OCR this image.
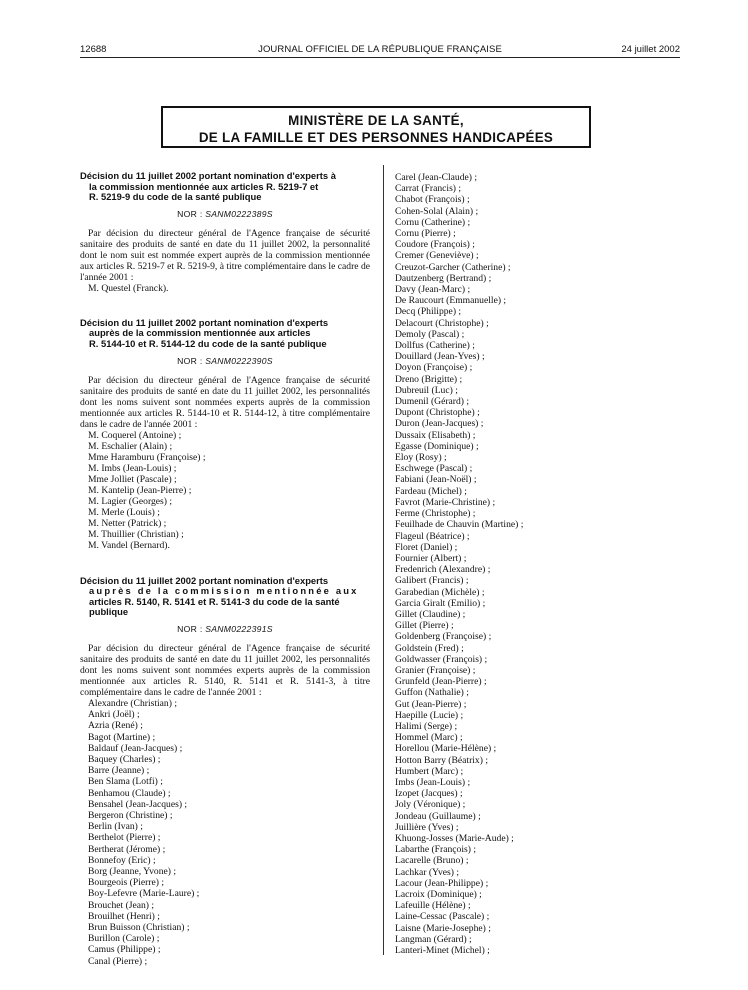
12688	JOURNAL OFFICIEL DE LA RÉPUBLIQUE FRANÇAISE	24 juillet 2002
MINISTÈRE DE LA SANTÉ,
DE LA FAMILLE ET DES PERSONNES HANDICAPÉES

Décision du 11 juillet 2002 portant nomination d'experts à
la commission mentionnée aux articles R. 5219-7 et
R. 5219-9 du code de la santé publique

NOR : SANM0222389S

Par décision du directeur général de l'Agence française de sécurité sanitaire des produits de santé en date du 11 juillet 2002, la personnalité dont le nom suit est nommée expert auprès de la commission mentionnée aux articles R. 5219-7 et R. 5219-9, à titre complémentaire dans le cadre de l'année 2001 :

M. Questel (Franck).

Décision du 11 juillet 2002 portant nomination d'experts
auprès de la commission mentionnée aux articles
R. 5144-10 et R. 5144-12 du code de la santé publique

NOR : SANM0222390S

Par décision du directeur général de l'Agence française de sécurité sanitaire des produits de santé en date du 11 juillet 2002, les personnalités dont les noms suivent sont nommées experts auprès de la commission mentionnée aux articles R. 5144-10 et R. 5144-12, à titre complémentaire dans le cadre de l'année 2001 :

M. Coquerel (Antoine) ;
M. Eschalier (Alain) ;
Mme Haramburu (Françoise) ;
M. Imbs (Jean-Louis) ;
Mme Jolliet (Pascale) ;
M. Kantelip (Jean-Pierre) ;
M. Lagier (Georges) ;
M. Merle (Louis) ;
M. Netter (Patrick) ;
M. Thuillier (Christian) ;
M. Vandel (Bernard).

Décision du 11 juillet 2002 portant nomination d'experts
auprès de la commission mentionnée aux
articles R. 5140, R. 5141 et R. 5141-3 du code de la santé
publique

NOR : SANM0222391S

Par décision du directeur général de l'Agence française de sécurité sanitaire des produits de santé en date du 11 juillet 2002, les personnalités dont les noms suivent sont nommées experts auprès de la commission mentionnée aux articles R. 5140, R. 5141 et R. 5141-3, à titre complémentaire dans le cadre de l'année 2001 :

Alexandre (Christian) ;
Ankri (Joël) ;
Azria (René) ;
Bagot (Martine) ;
Baldauf (Jean-Jacques) ;
Baquey (Charles) ;
Barre (Jeanne) ;
Ben Slama (Lotfi) ;
Benhamou (Claude) ;
Bensahel (Jean-Jacques) ;
Bergeron (Christine) ;
Berlin (Ivan) ;
Berthelot (Pierre) ;
Bertherat (Jérome) ;
Bonnefoy (Eric) ;
Borg (Jeanne, Yvone) ;
Bourgeois (Pierre) ;
Boy-Lefevre (Marie-Laure) ;
Brouchet (Jean) ;
Brouilhet (Henri) ;
Brun Buisson (Christian) ;
Burillon (Carole) ;
Camus (Philippe) ;
Canal (Pierre) ;
Carel (Jean-Claude) ;
Carrat (Francis) ;
Chabot (François) ;
Cohen-Solal (Alain) ;
Cornu (Catherine) ;
Cornu (Pierre) ;
Coudore (François) ;
Cremer (Geneviève) ;
Creuzot-Garcher (Catherine) ;
Dautzenberg (Bertrand) ;
Davy (Jean-Marc) ;
De Raucourt (Emmanuelle) ;
Decq (Philippe) ;
Delacourt (Christophe) ;
Demoly (Pascal) ;
Dollfus (Catherine) ;
Douillard (Jean-Yves) ;
Doyon (Françoise) ;
Dreno (Brigitte) ;
Dubreuil (Luc) ;
Dumenil (Gérard) ;
Dupont (Christophe) ;
Duron (Jean-Jacques) ;
Dussaix (Elisabeth) ;
Egasse (Dominique) ;
Eloy (Rosy) ;
Eschwege (Pascal) ;
Fabiani (Jean-Noël) ;
Fardeau (Michel) ;
Favrot (Marie-Christine) ;
Ferme (Christophe) ;
Feuilhade de Chauvin (Martine) ;
Flageul (Béatrice) ;
Floret (Daniel) ;
Fournier (Albert) ;
Fredenrich (Alexandre) ;
Galibert (Francis) ;
Garabedian (Michèle) ;
Garcia Giralt (Emilio) ;
Gillet (Claudine) ;
Gillet (Pierre) ;
Goldenberg (Françoise) ;
Goldstein (Fred) ;
Goldwasser (François) ;
Granier (Françoise) ;
Grunfeld (Jean-Pierre) ;
Guffon (Nathalie) ;
Gut (Jean-Pierre) ;
Haepille (Lucie) ;
Halimi (Serge) ;
Hommel (Marc) ;
Horellou (Marie-Hélène) ;
Hotton Barry (Béatrix) ;
Humbert (Marc) ;
Imbs (Jean-Louis) ;
Izopet (Jacques) ;
Joly (Véronique) ;
Jondeau (Guillaume) ;
Juillière (Yves) ;
Khuong-Josses (Marie-Aude) ;
Labarthe (François) ;
Lacarelle (Bruno) ;
Lachkar (Yves) ;
Lacour (Jean-Philippe) ;
Lacroix (Dominique) ;
Lafeuille (Hélène) ;
Laine-Cessac (Pascale) ;
Laisne (Marie-Josephe) ;
Langman (Gérard) ;
Lanteri-Minet (Michel) ;
